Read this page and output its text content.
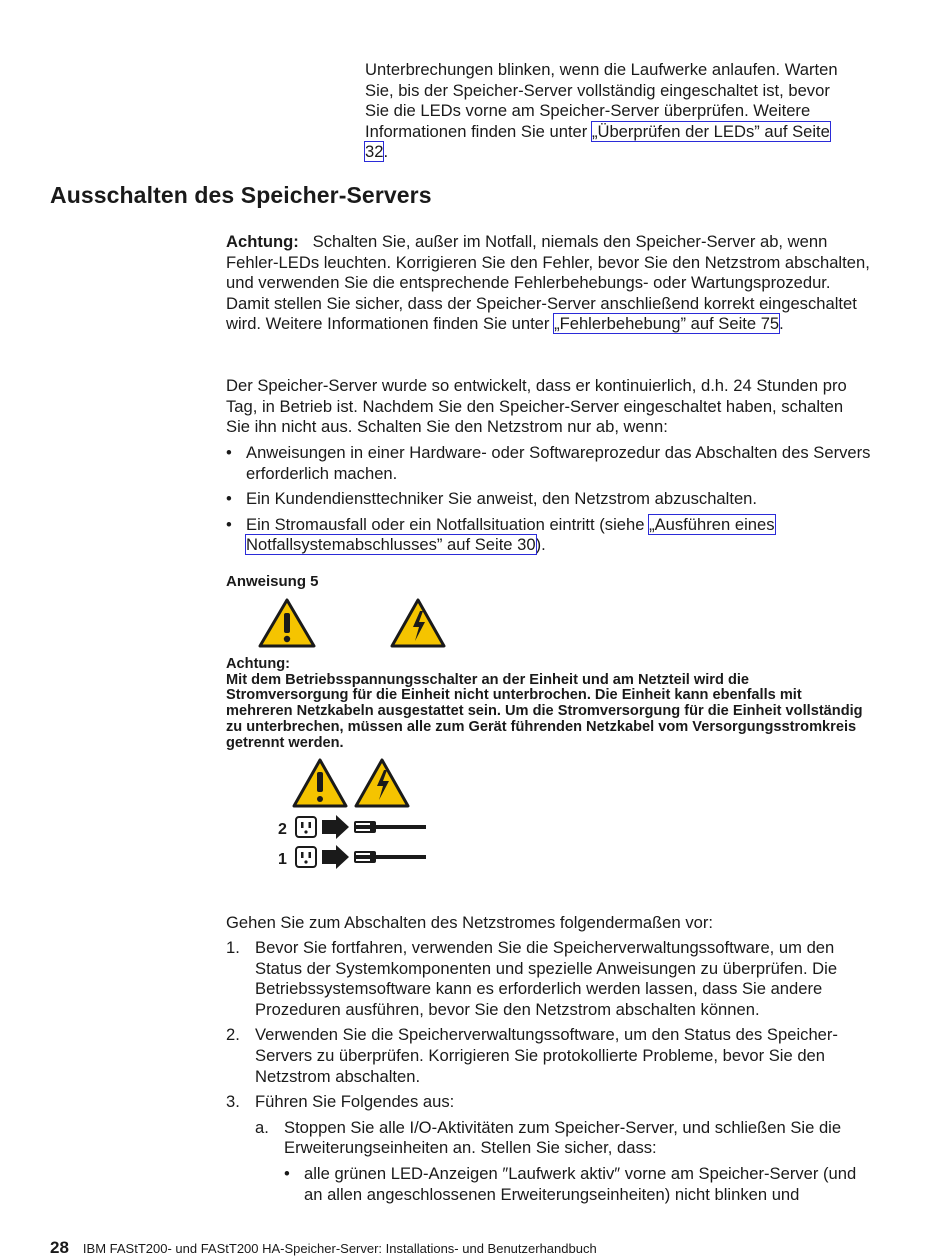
Unterbrechungen blinken, wenn die Laufwerke anlaufen. Warten Sie, bis der Speicher-Server vollständig eingeschaltet ist, bevor Sie die LEDs vorne am Speicher-Server überprüfen. Weitere Informationen finden Sie unter „Überprüfen der LEDs” auf Seite 32.
Ausschalten des Speicher-Servers
Achtung: Schalten Sie, außer im Notfall, niemals den Speicher-Server ab, wenn Fehler-LEDs leuchten. Korrigieren Sie den Fehler, bevor Sie den Netzstrom abschalten, und verwenden Sie die entsprechende Fehlerbehebungs- oder Wartungsprozedur. Damit stellen Sie sicher, dass der Speicher-Server anschließend korrekt eingeschaltet wird. Weitere Informationen finden Sie unter „Fehlerbehebung” auf Seite 75.
Der Speicher-Server wurde so entwickelt, dass er kontinuierlich, d.h. 24 Stunden pro Tag, in Betrieb ist. Nachdem Sie den Speicher-Server eingeschaltet haben, schalten Sie ihn nicht aus. Schalten Sie den Netzstrom nur ab, wenn:
• Anweisungen in einer Hardware- oder Softwareprozedur das Abschalten des Servers erforderlich machen.
• Ein Kundendiensttechniker Sie anweist, den Netzstrom abzuschalten.
• Ein Stromausfall oder ein Notfallsituation eintritt (siehe „Ausführen eines Notfallsystemabschlusses” auf Seite 30).
Anweisung 5
Achtung:
Mit dem Betriebsspannungsschalter an der Einheit und am Netzteil wird die Stromversorgung für die Einheit nicht unterbrochen. Die Einheit kann ebenfalls mit mehreren Netzkabeln ausgestattet sein. Um die Stromversorgung für die Einheit vollständig zu unterbrechen, müssen alle zum Gerät führenden Netzkabel vom Versorgungsstromkreis getrennt werden.
2
1
Gehen Sie zum Abschalten des Netzstromes folgendermaßen vor:
1. Bevor Sie fortfahren, verwenden Sie die Speicherverwaltungssoftware, um den Status der Systemkomponenten und spezielle Anweisungen zu überprüfen. Die Betriebssystemsoftware kann es erforderlich werden lassen, dass Sie andere Prozeduren ausführen, bevor Sie den Netzstrom abschalten können.
2. Verwenden Sie die Speicherverwaltungssoftware, um den Status des Speicher-Servers zu überprüfen. Korrigieren Sie protokollierte Probleme, bevor Sie den Netzstrom abschalten.
3. Führen Sie Folgendes aus:
a. Stoppen Sie alle I/O-Aktivitäten zum Speicher-Server, und schließen Sie die Erweiterungseinheiten an. Stellen Sie sicher, dass:
• alle grünen LED-Anzeigen ″Laufwerk aktiv″ vorne am Speicher-Server (und an allen angeschlossenen Erweiterungseinheiten) nicht blinken und
28 IBM FAStT200- und FAStT200 HA-Speicher-Server: Installations- und Benutzerhandbuch
